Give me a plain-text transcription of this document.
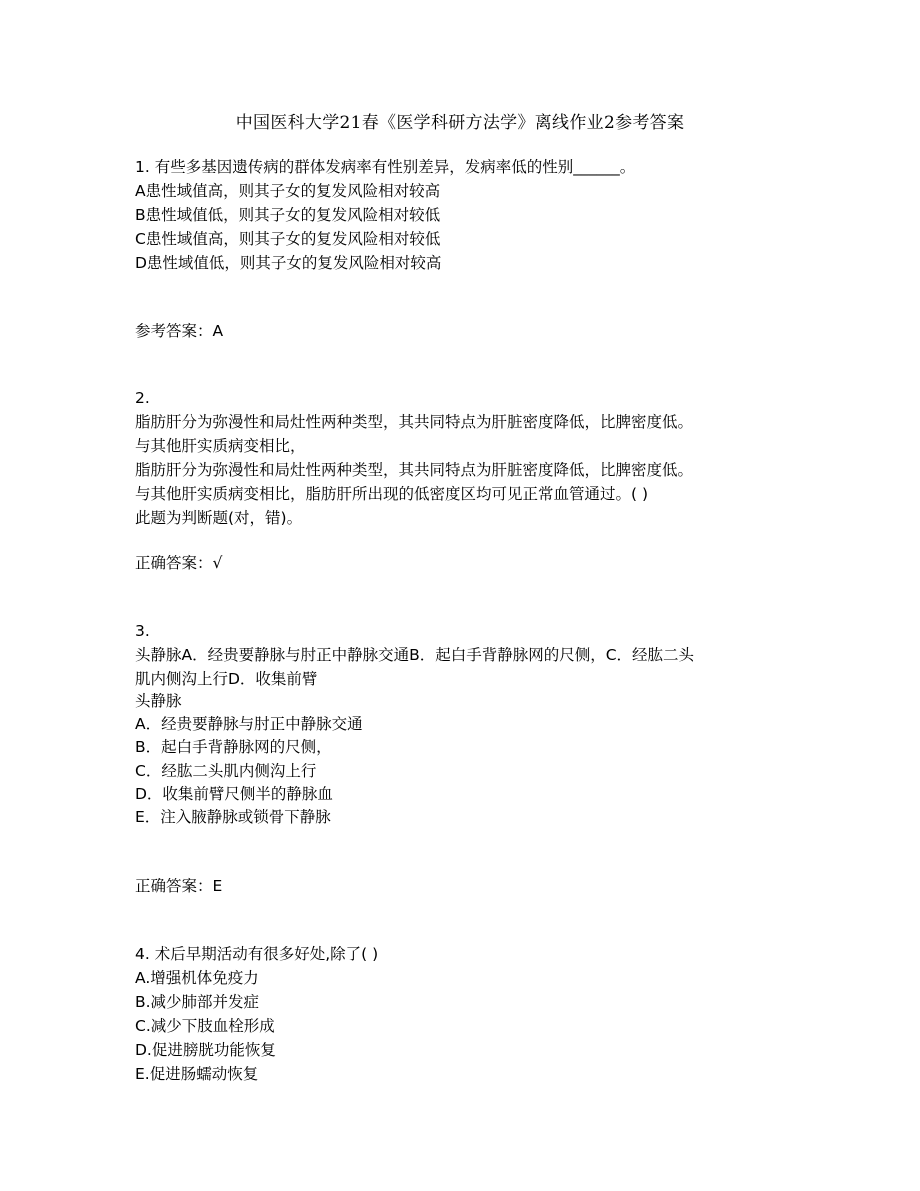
中国医科大学21春《医学科研方法学》离线作业2参考答案
1. 有些多基因遗传病的群体发病率有性别差异，发病率低的性别______。
A患性域值高，则其子女的复发风险相对较高
B患性域值低，则其子女的复发风险相对较低
C患性域值高，则其子女的复发风险相对较低
D患性域值低，则其子女的复发风险相对较高
参考答案：A
2.
脂肪肝分为弥漫性和局灶性两种类型，其共同特点为肝脏密度降低，比脾密度低。
与其他肝实质病变相比，
脂肪肝分为弥漫性和局灶性两种类型，其共同特点为肝脏密度降低，比脾密度低。
与其他肝实质病变相比，脂肪肝所出现的低密度区均可见正常血管通过。( )
此题为判断题(对，错)。
正确答案：√
3.
头静脉A．经贵要静脉与肘正中静脉交通B．起白手背静脉网的尺侧，C．经肱二头
肌内侧沟上行D．收集前臂
头静脉
A．经贵要静脉与肘正中静脉交通
B．起白手背静脉网的尺侧，
C．经肱二头肌内侧沟上行
D．收集前臂尺侧半的静脉血
E．注入腋静脉或锁骨下静脉
正确答案：E
4. 术后早期活动有很多好处,除了( )
A.增强机体免疫力
B.减少肺部并发症
C.减少下肢血栓形成
D.促进膀胱功能恢复
E.促进肠蠕动恢复
